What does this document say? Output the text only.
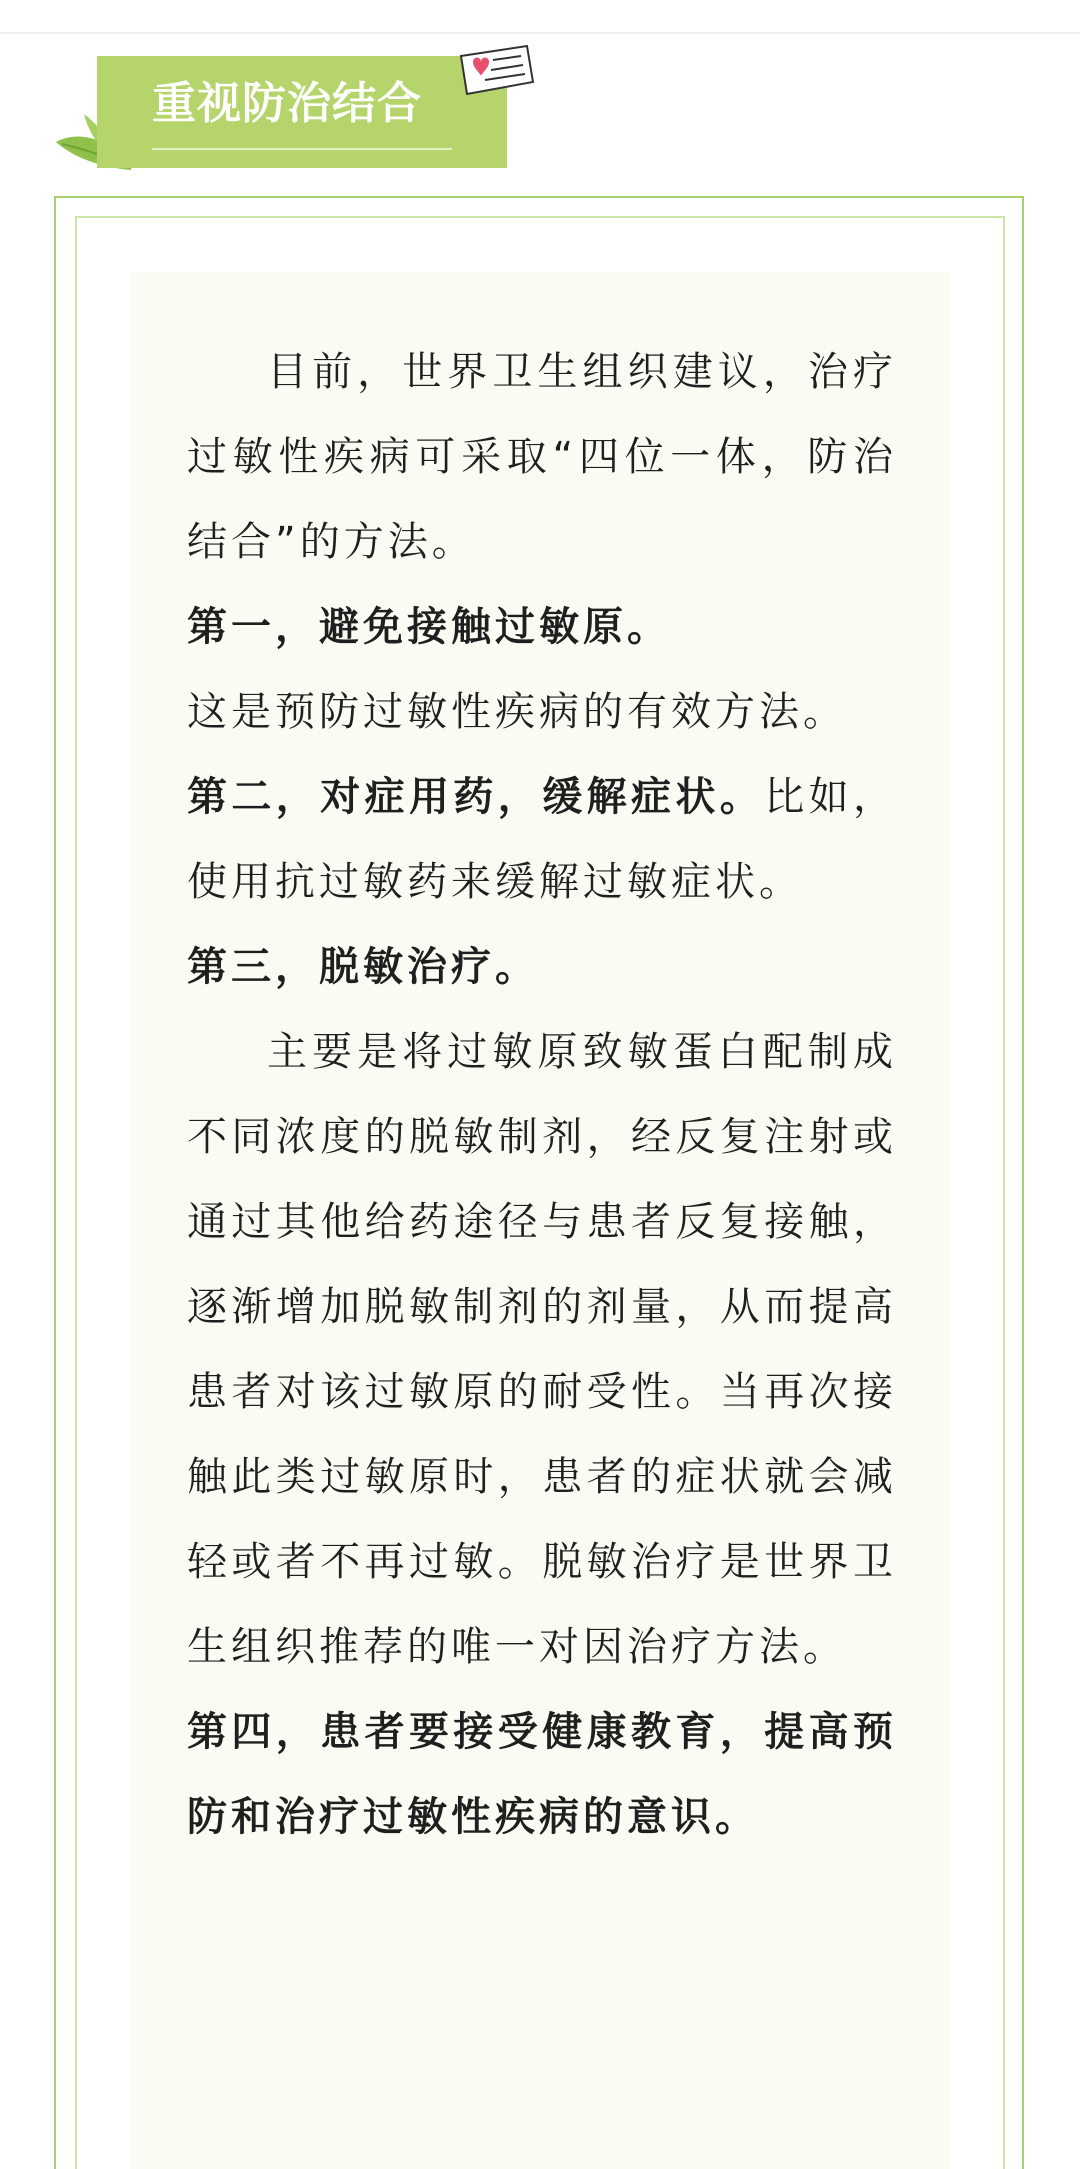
重视防治结合

目前，世界卫生组织建议，治疗过敏性疾病可采取“四位一体，防治结合”的方法。

第一，避免接触过敏原。

这是预防过敏性疾病的有效方法。

第二，对症用药，缓解症状。比如，使用抗过敏药来缓解过敏症状。

第三，脱敏治疗。

主要是将过敏原致敏蛋白配制成不同浓度的脱敏制剂，经反复注射或通过其他给药途径与患者反复接触，逐渐增加脱敏制剂的剂量，从而提高患者对该过敏原的耐受性。当再次接触此类过敏原时，患者的症状就会减轻或者不再过敏。脱敏治疗是世界卫生组织推荐的唯一对因治疗方法。

第四，患者要接受健康教育，提高预防和治疗过敏性疾病的意识。
